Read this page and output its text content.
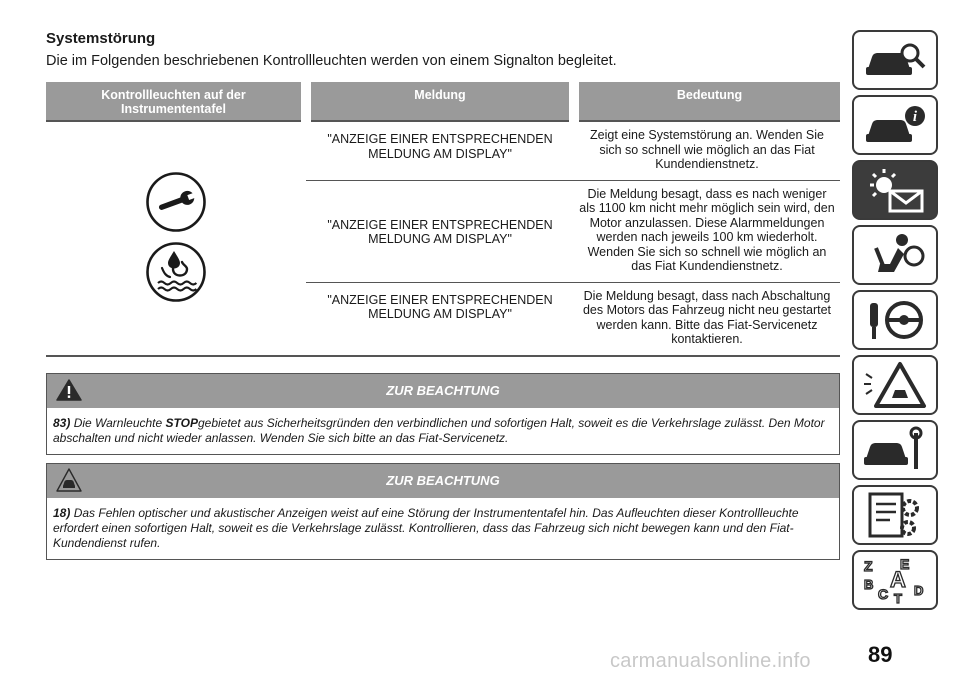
Systemstörung
Die im Folgenden beschriebenen Kontrollleuchten werden von einem Signalton begleitet.
Kontrollleuchten auf der Instrumententafel	Meldung	Bedeutung

	"ANZEIGE EINER ENTSPRECHENDEN MELDUNG AM DISPLAY"	Zeigt eine Systemstörung an. Wenden Sie sich so schnell wie möglich an das Fiat Kundendienstnetz.
	"ANZEIGE EINER ENTSPRECHENDEN MELDUNG AM DISPLAY"	Die Meldung besagt, dass es nach weniger als 1100 km nicht mehr möglich sein wird, den Motor anzulassen. Diese Alarmmeldungen werden nach jeweils 100 km wiederholt. Wenden Sie sich so schnell wie möglich an das Fiat Kundendienstnetz.
	"ANZEIGE EINER ENTSPRECHENDEN MELDUNG AM DISPLAY"	Die Meldung besagt, dass nach Abschaltung des Motors das Fahrzeug nicht neu gestartet werden kann. Bitte das Fiat-Servicenetz kontaktieren.
ZUR BEACHTUNG
83) Die Warnleuchte STOPgebietet aus Sicherheitsgründen den verbindlichen und sofortigen Halt, soweit es die Verkehrslage zulässt. Den Motor abschalten und nicht wieder anlassen. Wenden Sie sich bitte an das Fiat-Servicenetz.
ZUR BEACHTUNG
18) Das Fehlen optischer und akustischer Anzeigen weist auf eine Störung der Instrumententafel hin. Das Aufleuchten dieser Kontrollleuchte erfordert einen sofortigen Halt, soweit es die Verkehrslage zulässt. Kontrollieren, dass das Fahrzeug sich nicht bewegen kann und den Fiat-Kundendienst rufen.
i
Z E
B A
C D
T
89
carmanualsonline.info
